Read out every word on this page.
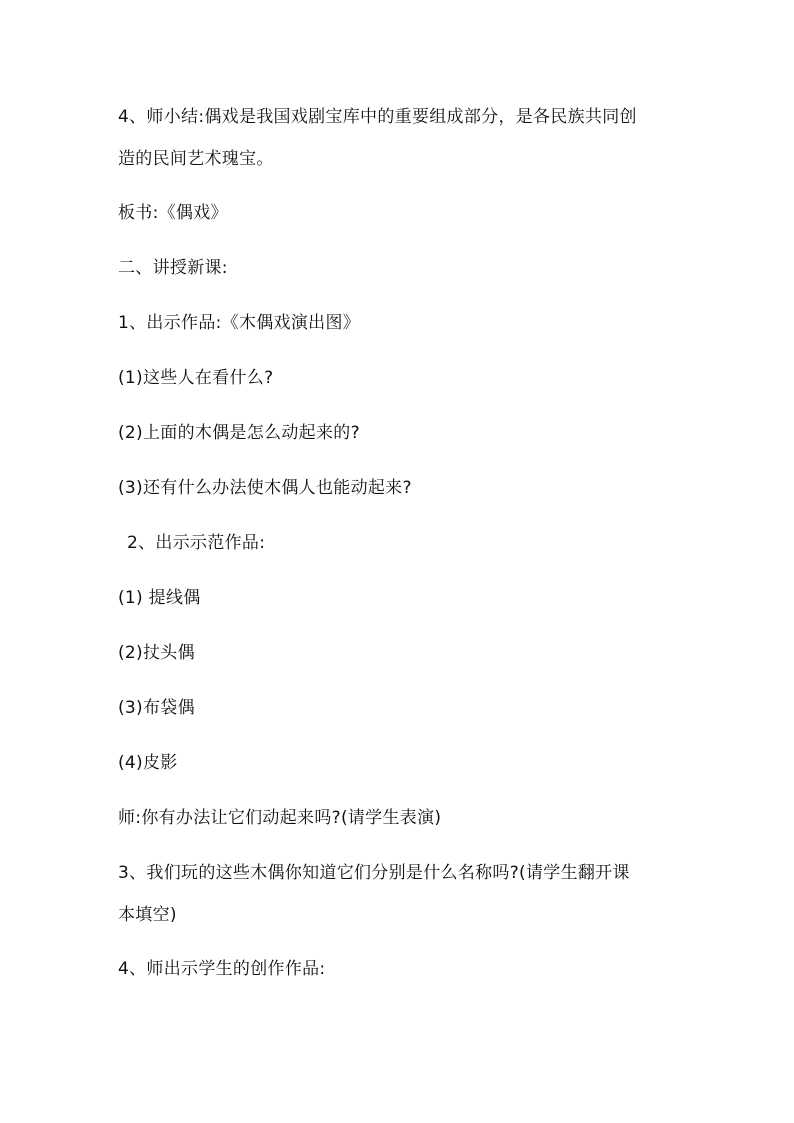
4、师小结:偶戏是我国戏剧宝库中的重要组成部分，是各民族共同创
造的民间艺术瑰宝。
板书:《偶戏》
二、讲授新课:
1、出示作品:《木偶戏演出图》
(1)这些人在看什么?
(2)上面的木偶是怎么动起来的?
(3)还有什么办法使木偶人也能动起来?
2、出示示范作品:
(1) 提线偶
(2)扙头偶
(3)布袋偶
(4)皮影
师:你有办法让它们动起来吗?(请学生表演)
3、我们玩的这些木偶你知道它们分别是什么名称吗?(请学生翻开课
本填空)
4、师出示学生的创作作品:
